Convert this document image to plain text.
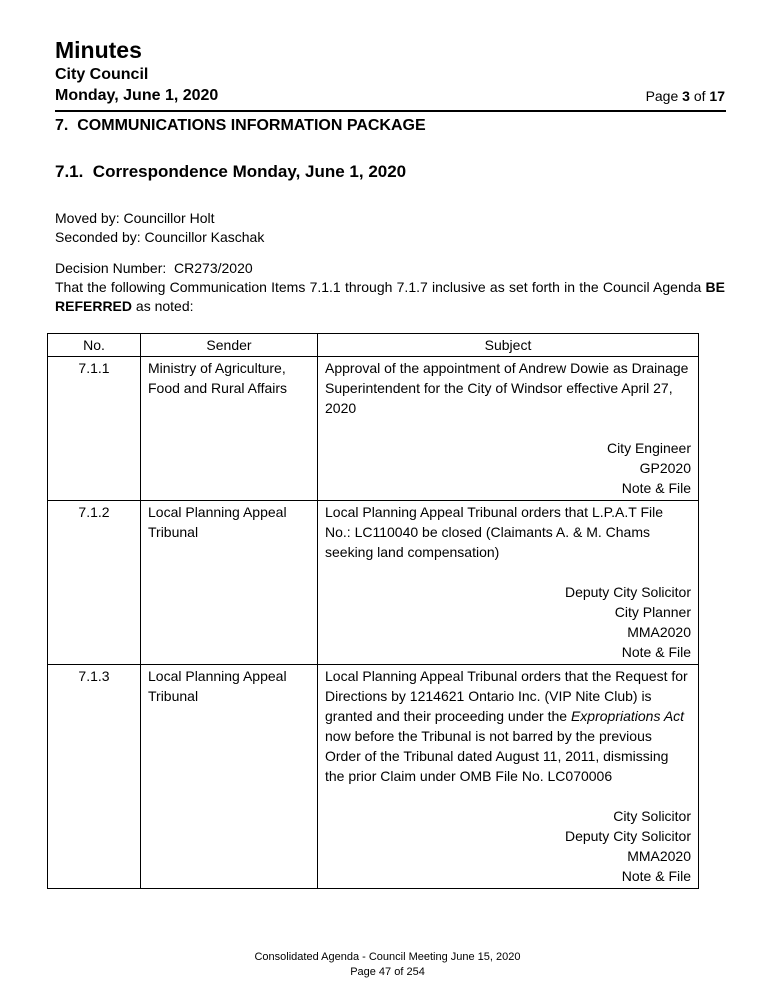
Minutes
City Council
Monday, June 1, 2020	Page 3 of 17
7.  COMMUNICATIONS INFORMATION PACKAGE
7.1.  Correspondence Monday, June 1, 2020

Moved by: Councillor Holt

Seconded by: Councillor Kaschak

Decision Number:  CR273/2020

That the following Communication Items 7.1.1 through 7.1.7 inclusive as set forth in the Council Agenda BE REFERRED as noted:

No.	Sender	Subject
7.1.1	Ministry of Agriculture, Food and Rural Affairs	Approval of the appointment of Andrew Dowie as Drainage Superintendent for the City of Windsor effective April 27, 2020
City Engineer
GP2020
Note & File

7.1.2	Local Planning Appeal Tribunal	Local Planning Appeal Tribunal orders that L.P.A.T File No.: LC110040 be closed (Claimants A. & M. Chams seeking land compensation)
Deputy City Solicitor
City Planner
MMA2020
Note & File

7.1.3	Local Planning Appeal Tribunal	Local Planning Appeal Tribunal orders that the Request for Directions by 1214621 Ontario Inc. (VIP Nite Club) is granted and their proceeding under the Expropriations Act now before the Tribunal is not barred by the previous Order of the Tribunal dated August 11, 2011, dismissing the prior Claim under OMB File No. LC070006
City Solicitor
Deputy City Solicitor
MMA2020
Note & File
Consolidated Agenda - Council Meeting June 15, 2020
Page 47 of 254
